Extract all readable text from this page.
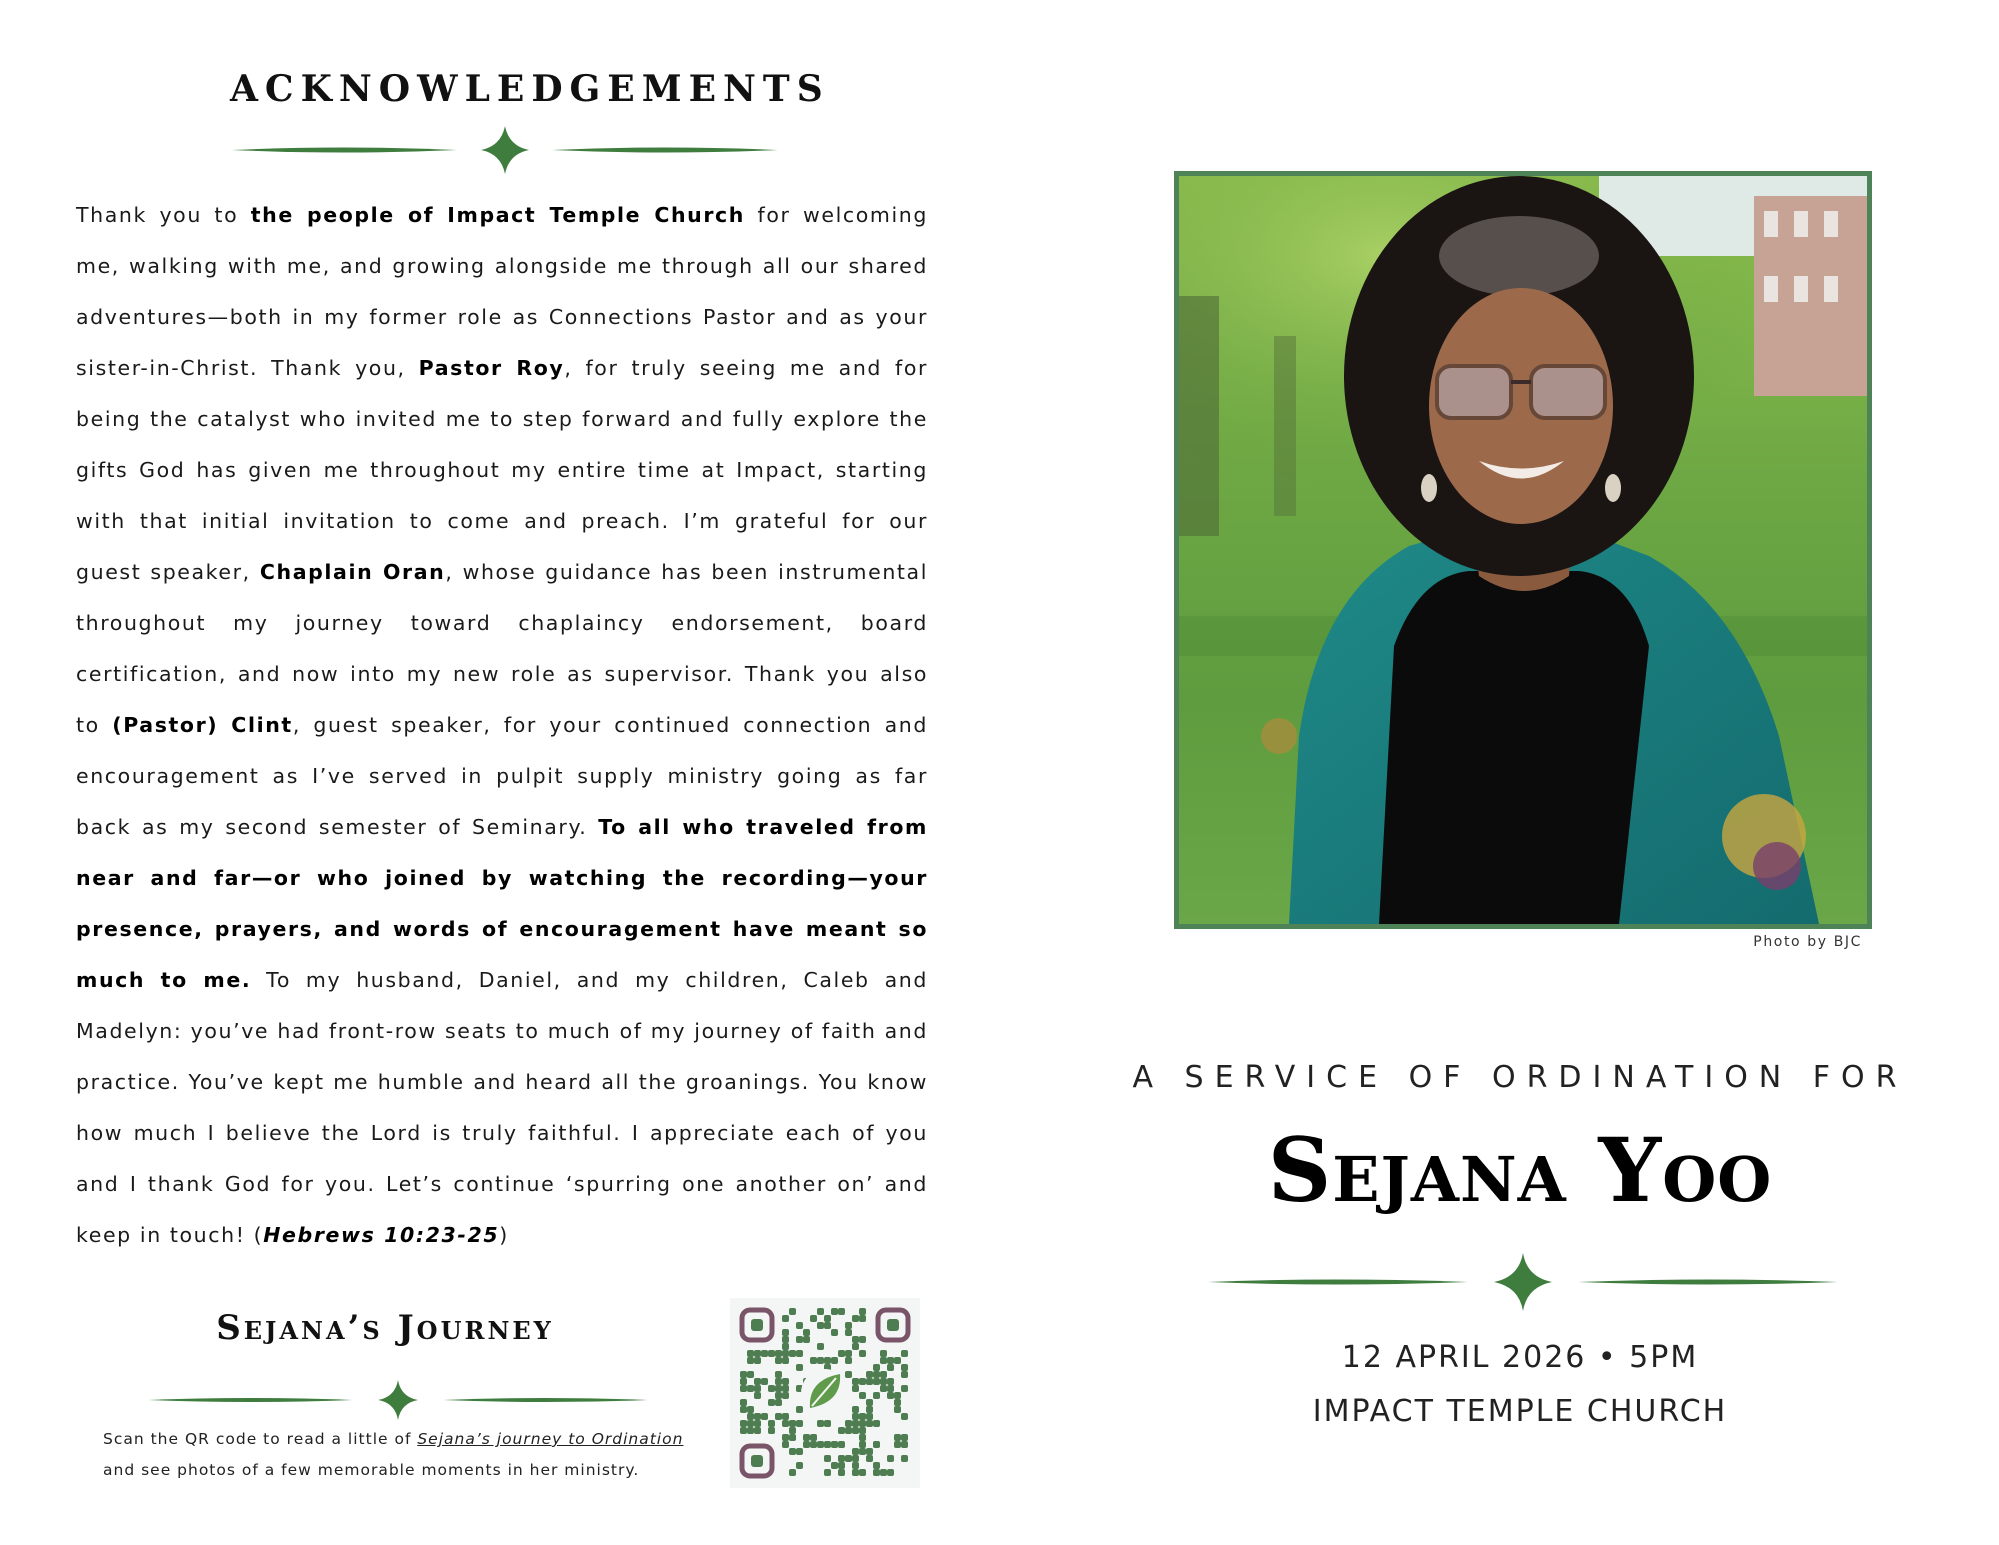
ACKNOWLEDGEMENTS

Thank you to the people of Impact Temple Church for welcoming me, walking with me, and growing alongside me through all our shared adventures—both in my former role as Connections Pastor and as your sister-in-Christ. Thank you, Pastor Roy, for truly seeing me and for being the catalyst who invited me to step forward and fully explore the gifts God has given me throughout my entire time at Impact, starting with that initial invitation to come and preach. I’m grateful for our guest speaker, Chaplain Oran, whose guidance has been instrumental throughout my journey toward chaplaincy endorsement, board certification, and now into my new role as supervisor. Thank you also to (Pastor) Clint, guest speaker, for your continued connection and encouragement as I’ve served in pulpit supply ministry going as far back as my second semester of Seminary. To all who traveled from near and far—or who joined by watching the recording—your presence, prayers, and words of encouragement have meant so much to me. To my husband, Daniel, and my children, Caleb and Madelyn: you’ve had front-row seats to much of my journey of faith and practice. You’ve kept me humble and heard all the groanings. You know how much I believe the Lord is truly faithful. I appreciate each of you and I thank God for you. Let’s continue ‘spurring one another on’ and keep in touch! (Hebrews 10:23-25)

Sejana’s Journey
Scan the QR code to read a little of Sejana’s journey to Ordination
and see photos of a few memorable moments in her ministry.
Photo by BJC
A SERVICE OF ORDINATION FOR
Sejana Yoo
12 APRIL 2026 • 5PM
IMPACT TEMPLE CHURCH
